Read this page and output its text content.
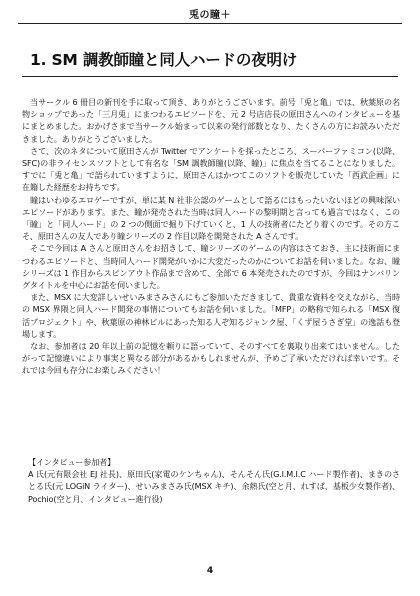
兎の瞳＋
1. SM 調教師瞳と同人ハードの夜明け

当サークル 6 冊目の新刊を手に取って頂き、ありがとうございます。前号「兎と亀」では、秋葉原の名物ショップであった「三月兎」にまつわるエピソードを、元 2 号店店長の原田さんへのインタビューを基にまとめました。おかげさまで当サークル始まって以来の発行部数となり、たくさんの方にお読みいただきました。ありがとうございました。

さて、次のネタについて原田さんが Twitter でアンケートを採ったところ、スーパーファミコン(以降、SFC)の非ライセンスソフトとして有名な「SM 調教師瞳(以降、瞳)」に焦点を当てることになりました。すでに「兎と亀」で語られていますように、原田さんはかつてこのソフトを販売していた「西武企画」に在籍した経歴をお持ちです。

瞳はいわゆるエロゲーですが、単に某 N 社非公認のゲームとして語るにはもったいないほどの興味深いエピソードがあります。また、瞳が発売された当時は同人ハードの黎明期と言っても過言ではなく、この「瞳」と「同人ハード」の 2 つの側面で掘り下げていくと、1 人の技術者にたどり着くのです。その方こそ、原田さんの友人であり瞳シリーズの 2 作目以降を開発された A さんです。

そこで今回は A さんと原田さんをお招きして、瞳シリーズのゲームの内容はさておき、主に技術面にまつわるエピソードと、当時同人ハード開発がいかに大変だったのかについてお話を伺いました。なお、瞳シリーズは 1 作目からスピンアウト作品まで含めて、全部で 6 本発売されたのですが、今回はナンバリングタイトルを中心にお話を伺いました。

また、MSX に大変詳しいせいみまさみさんにもご参加いただきまして、貴重な資料を交えながら、当時の MSX 界隈と同人ハード開発の事情についてもお話を伺いました。「MFP」の略称で知られる「MSX 復活プロジェクト」や、秋葉原の神林ビルにあった知る人ぞ知るジャンク屋、「くず屋うさぎ堂」の逸話も登場します。

なお、参加者は 20 年以上前の記憶を頼りに語っていて、そのすべてを裏取り出来てはいません。したがって記憶違いにより事実と異なる部分があるかもしれませんが、予めご了承いただければ幸いです。それでは今回も存分にお楽しみください！

【インタビュー参加者】

A 氏(元有限会社 EJ 社長)、原田氏(家電のケンちゃん)、そんそん氏(G.I.M.I.C ハード製作者)、まきのさとる氏(元 LOGiN ライター)、せいみまさみ氏(MSX キチ)、余熱氏(空と月、れすぱ、基板少女製作者)、Pochio(空と月、インタビュー進行役)

4
